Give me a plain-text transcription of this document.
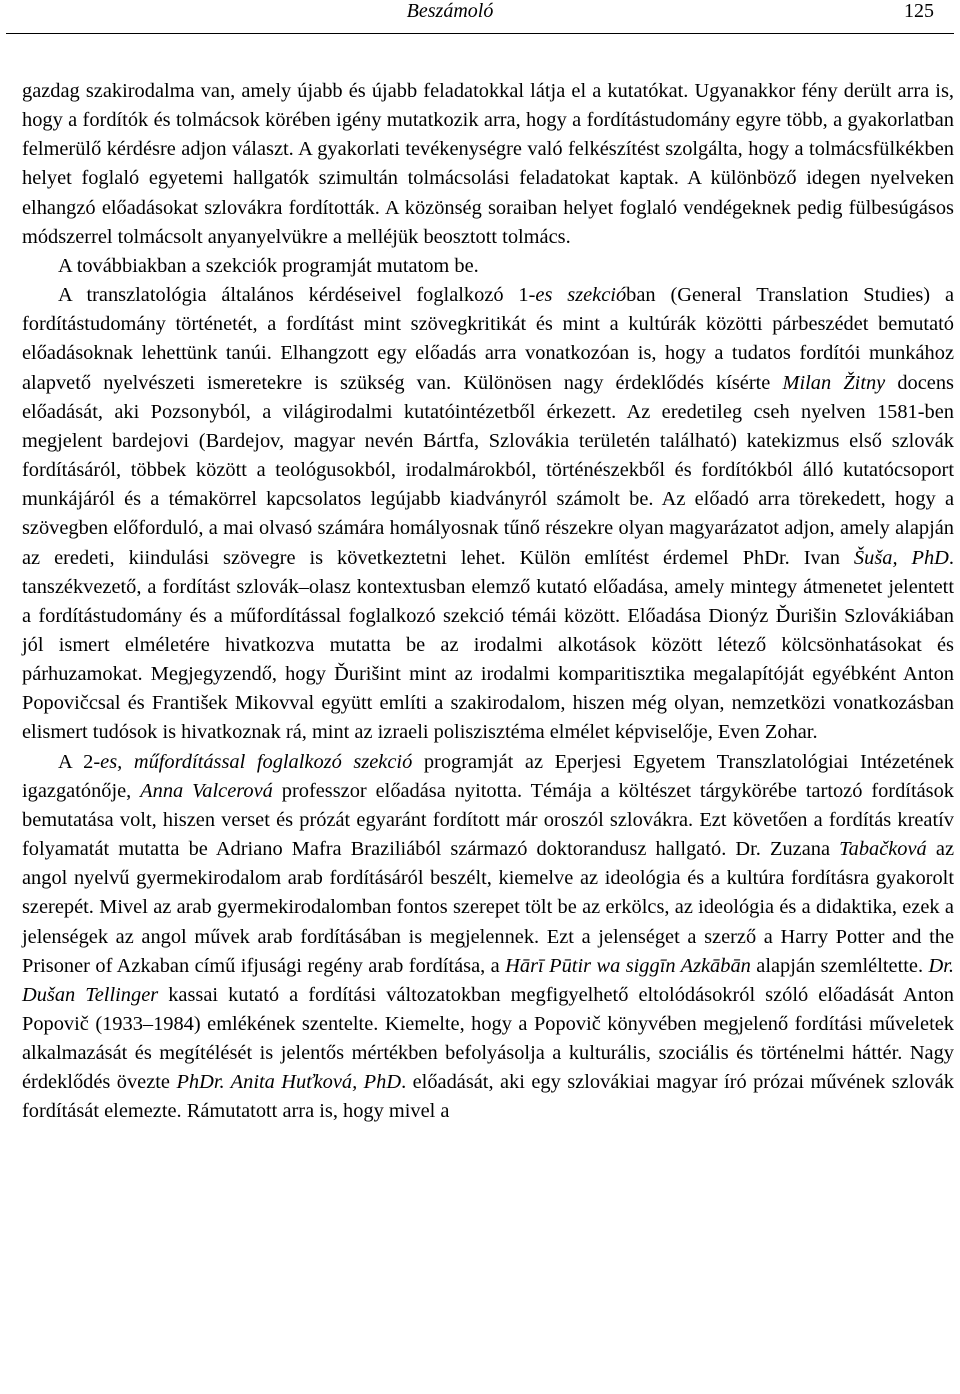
Beszámoló	125

gazdag szakirodalma van, amely újabb és újabb feladatokkal látja el a kutatókat. Ugyanakkor fény derült arra is, hogy a fordítók és tolmácsok körében igény mutatkozik arra, hogy a fordítástudomány egyre több, a gyakorlatban felmerülő kérdésre adjon választ. A gyakorlati tevékenységre való felkészítést szolgálta, hogy a tolmácsfülkékben helyet foglaló egyetemi hallgatók szimultán tolmácsolási feladatokat kaptak. A különböző idegen nyelveken elhangzó előadásokat szlovákra fordították. A közönség soraiban helyet foglaló vendégeknek pedig fülbesúgásos módszerrel tolmácsolt anyanyelvükre a melléjük beosztott tolmács.

A továbbiakban a szekciók programját mutatom be.

A transzlatológia általános kérdéseivel foglalkozó 1-es szekcióban (General Translation Studies) a fordítástudomány történetét, a fordítást mint szövegkritikát és mint a kultúrák közötti párbeszédet bemutató előadásoknak lehettünk tanúi. Elhangzott egy előadás arra vonatkozóan is, hogy a tudatos fordítói munkához alapvető nyelvészeti ismeretekre is szükség van. Különösen nagy érdeklődés kísérte Milan Žitny docens előadását, aki Pozsonyból, a világirodalmi kutatóintézetből érkezett. Az eredetileg cseh nyelven 1581-ben megjelent bardejovi (Bardejov, magyar nevén Bártfa, Szlovákia területén található) katekizmus első szlovák fordításáról, többek között a teológusokból, irodalmárokból, történészekből és fordítókból álló kutatócsoport munkájáról és a témakörrel kapcsolatos legújabb kiadványról számolt be. Az előadó arra törekedett, hogy a szövegben előforduló, a mai olvasó számára homályosnak tűnő részekre olyan magyarázatot adjon, amely alapján az eredeti, kiindulási szövegre is következtetni lehet. Külön említést érdemel PhDr. Ivan Šuša, PhD. tanszékvezető, a fordítást szlovák–olasz kontextusban elemző kutató előadása, amely mintegy átmenetet jelentett a fordítástudomány és a műfordítással foglalkozó szekció témái között. Előadása Dionýz Ďurišin Szlovákiában jól ismert elméletére hivatkozva mutatta be az irodalmi alkotások között létező kölcsönhatásokat és párhuzamokat. Megjegyzendő, hogy Ďurišint mint az irodalmi komparitisztika megalapítóját egyébként Anton Popovičcsal és František Mikovval együtt említi a szakirodalom, hiszen még olyan, nemzetközi vonatkozásban elismert tudósok is hivatkoznak rá, mint az izraeli poliszisztéma elmélet képviselője, Even Zohar.

A 2-es, műfordítással foglalkozó szekció programját az Eperjesi Egyetem Transzlatológiai Intézetének igazgatónője, Anna Valcerová professzor előadása nyitotta. Témája a költészet tárgykörébe tartozó fordítások bemutatása volt, hiszen verset és prózát egyaránt fordított már oroszól szlovákra. Ezt követően a fordítás kreatív folyamatát mutatta be Adriano Mafra Braziliából származó doktorandusz hallgató. Dr. Zuzana Tabačková az angol nyelvű gyermekirodalom arab fordításáról beszélt, kiemelve az ideológia és a kultúra fordításra gyakorolt szerepét. Mivel az arab gyermekirodalomban fontos szerepet tölt be az erkölcs, az ideológia és a didaktika, ezek a jelenségek az angol művek arab fordításában is megjelennek. Ezt a jelenséget a szerző a Harry Potter and the Prisoner of Azkaban című ifjusági regény arab fordítása, a Hārī Pūtir wa siggīn Azkābān alapján szemléltette. Dr. Dušan Tellinger kassai kutató a fordítási változatokban megfigyelhető eltolódásokról szóló előadását Anton Popovič (1933–1984) emlékének szentelte. Kiemelte, hogy a Popovič könyvében megjelenő fordítási műveletek alkalmazását és megítélését is jelentős mértékben befolyásolja a kulturális, szociális és történelmi háttér. Nagy érdeklődés övezte PhDr. Anita Huťková, PhD. előadását, aki egy szlovákiai magyar író prózai művének szlovák fordítását elemezte. Rámutatott arra is, hogy mivel a
